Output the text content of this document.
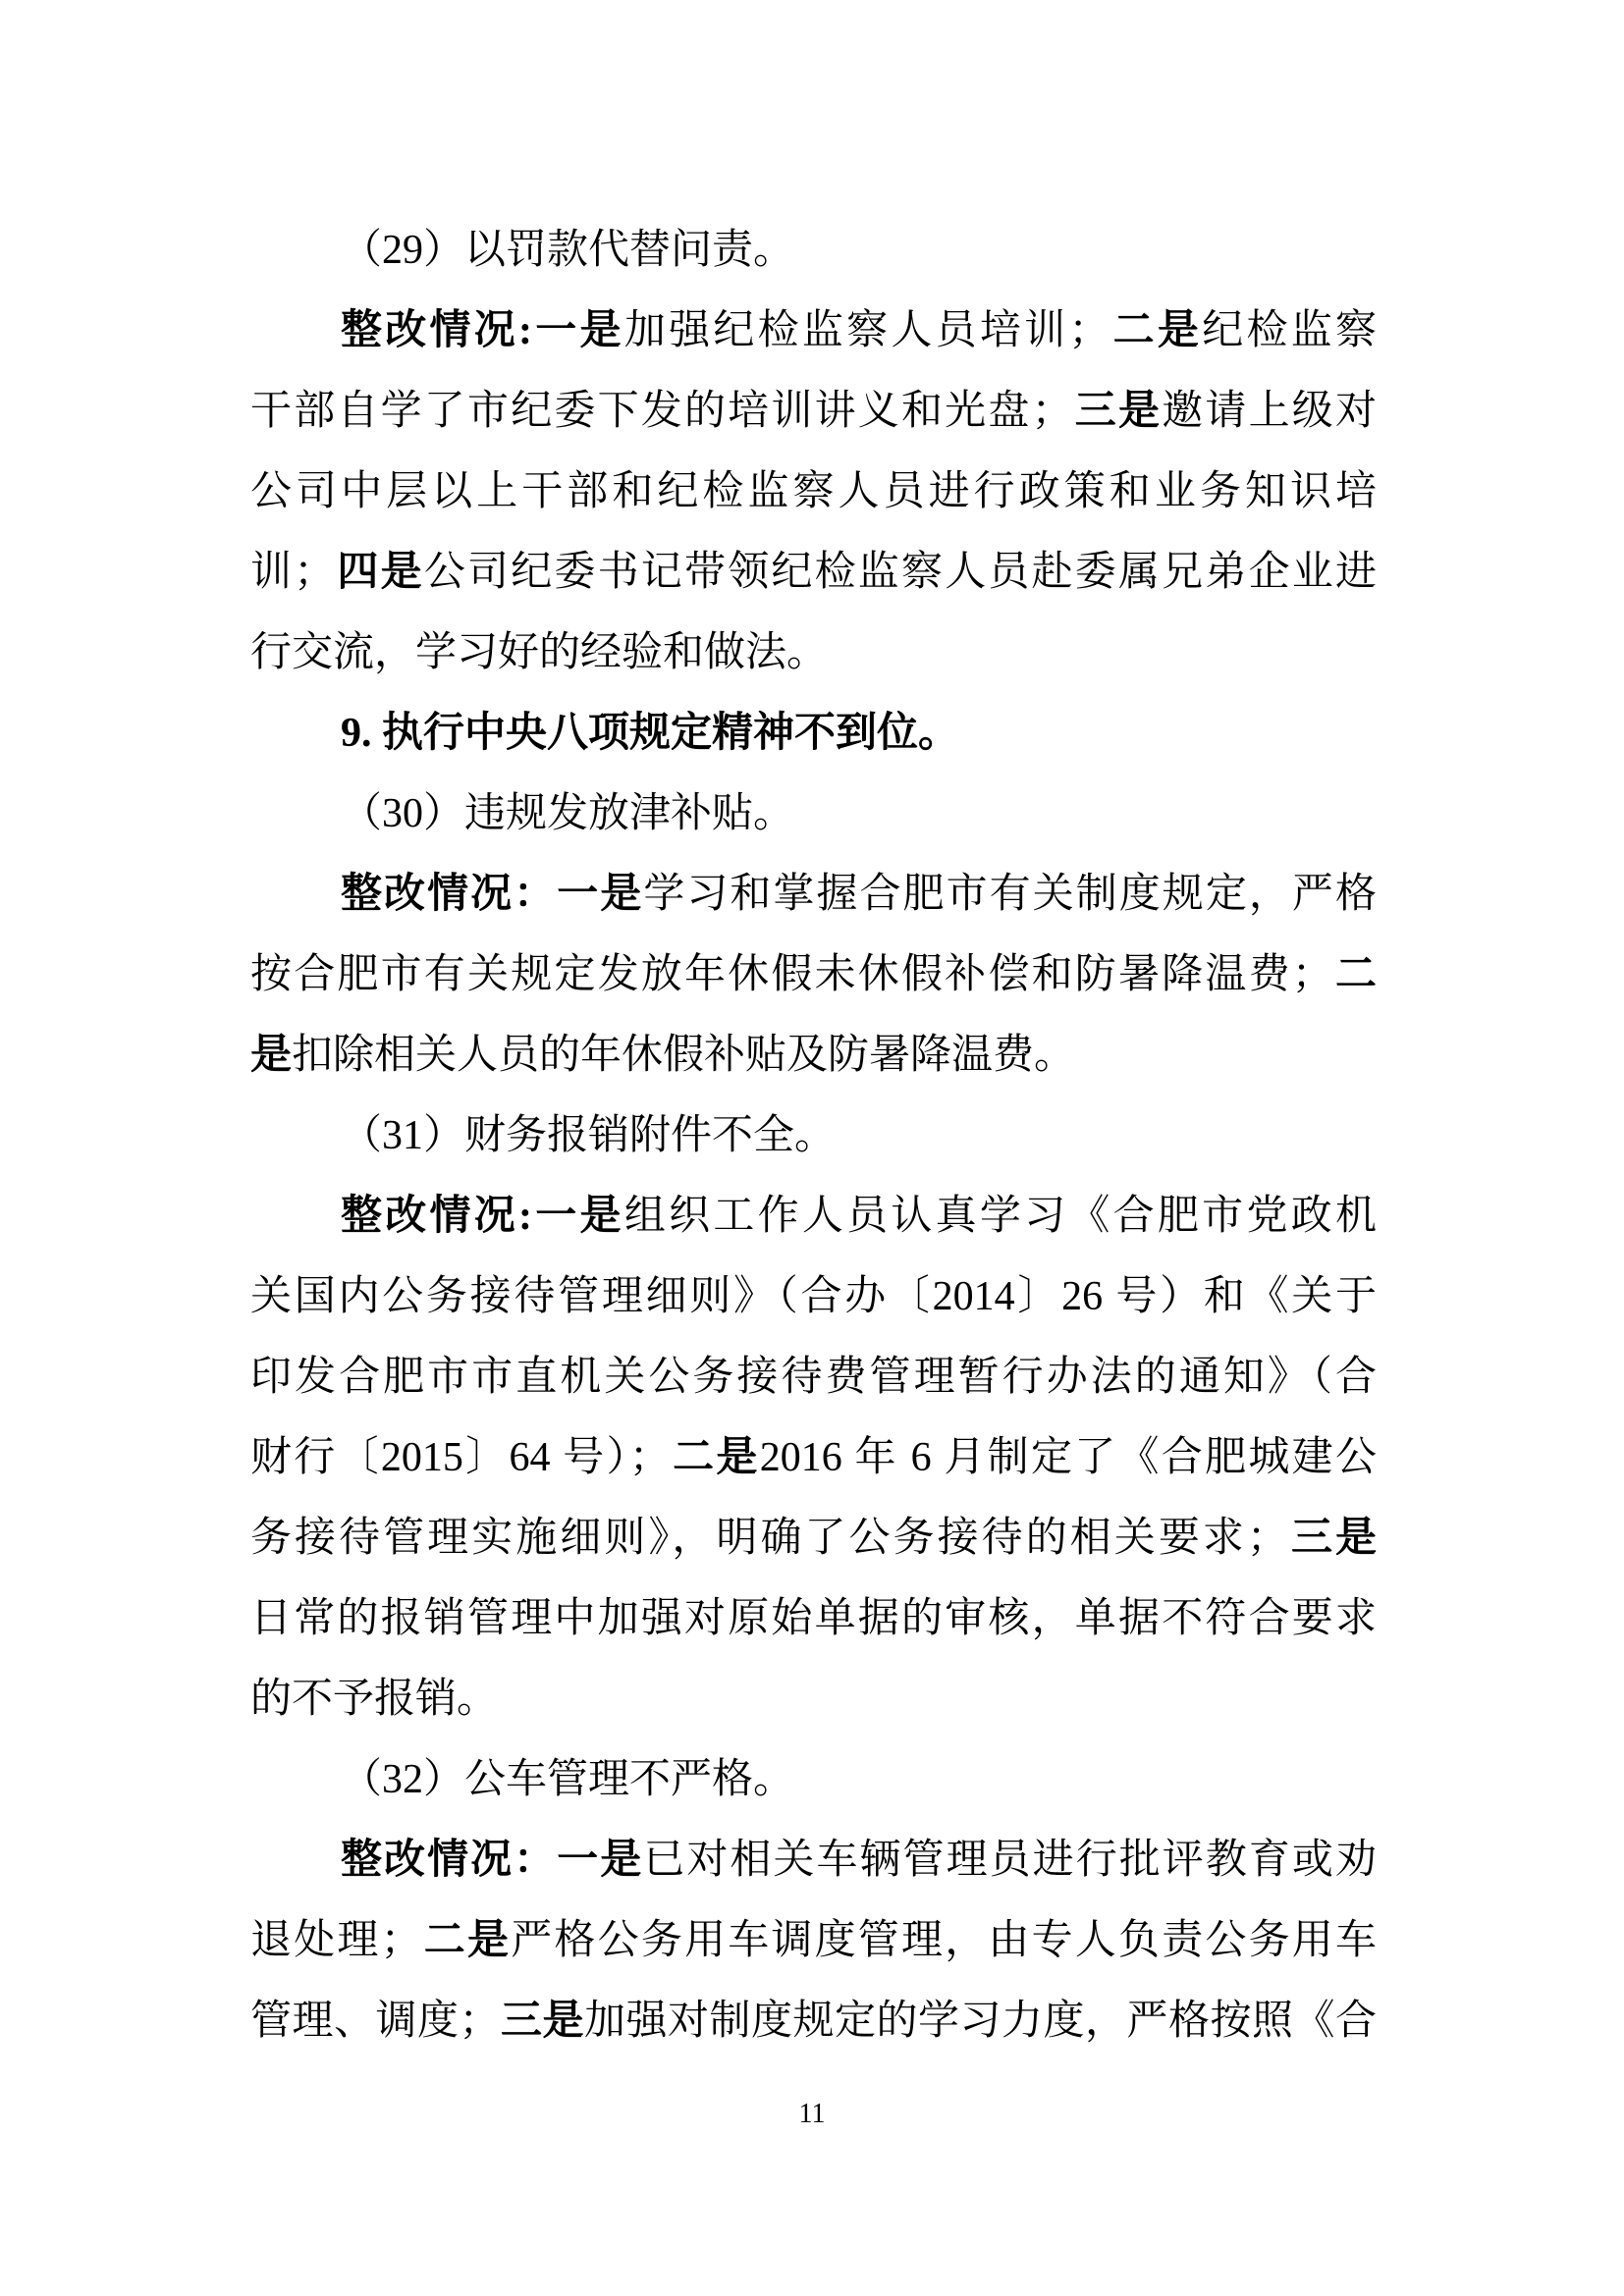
（29）以罚款代替问责。
整改情况:一是加强纪检监察人员培训；二是纪检监察
干部自学了市纪委下发的培训讲义和光盘；三是邀请上级对
公司中层以上干部和纪检监察人员进行政策和业务知识培
训；四是公司纪委书记带领纪检监察人员赴委属兄弟企业进
行交流，学习好的经验和做法。
9. 执行中央八项规定精神不到位。
（30）违规发放津补贴。
整改情况：一是学习和掌握合肥市有关制度规定，严格
按合肥市有关规定发放年休假未休假补偿和防暑降温费；二
是扣除相关人员的年休假补贴及防暑降温费。
（31）财务报销附件不全。
整改情况:一是组织工作人员认真学习《合肥市党政机
关国内公务接待管理细则》（合办〔2014〕26 号）和《关于
印发合肥市市直机关公务接待费管理暂行办法的通知》（合
财行〔2015〕64 号）；二是2016 年 6 月制定了《合肥城建公
务接待管理实施细则》，明确了公务接待的相关要求；三是
日常的报销管理中加强对原始单据的审核，单据不符合要求
的不予报销。
（32）公车管理不严格。
整改情况：一是已对相关车辆管理员进行批评教育或劝
退处理；二是严格公务用车调度管理，由专人负责公务用车
管理、调度；三是加强对制度规定的学习力度，严格按照《合
11
